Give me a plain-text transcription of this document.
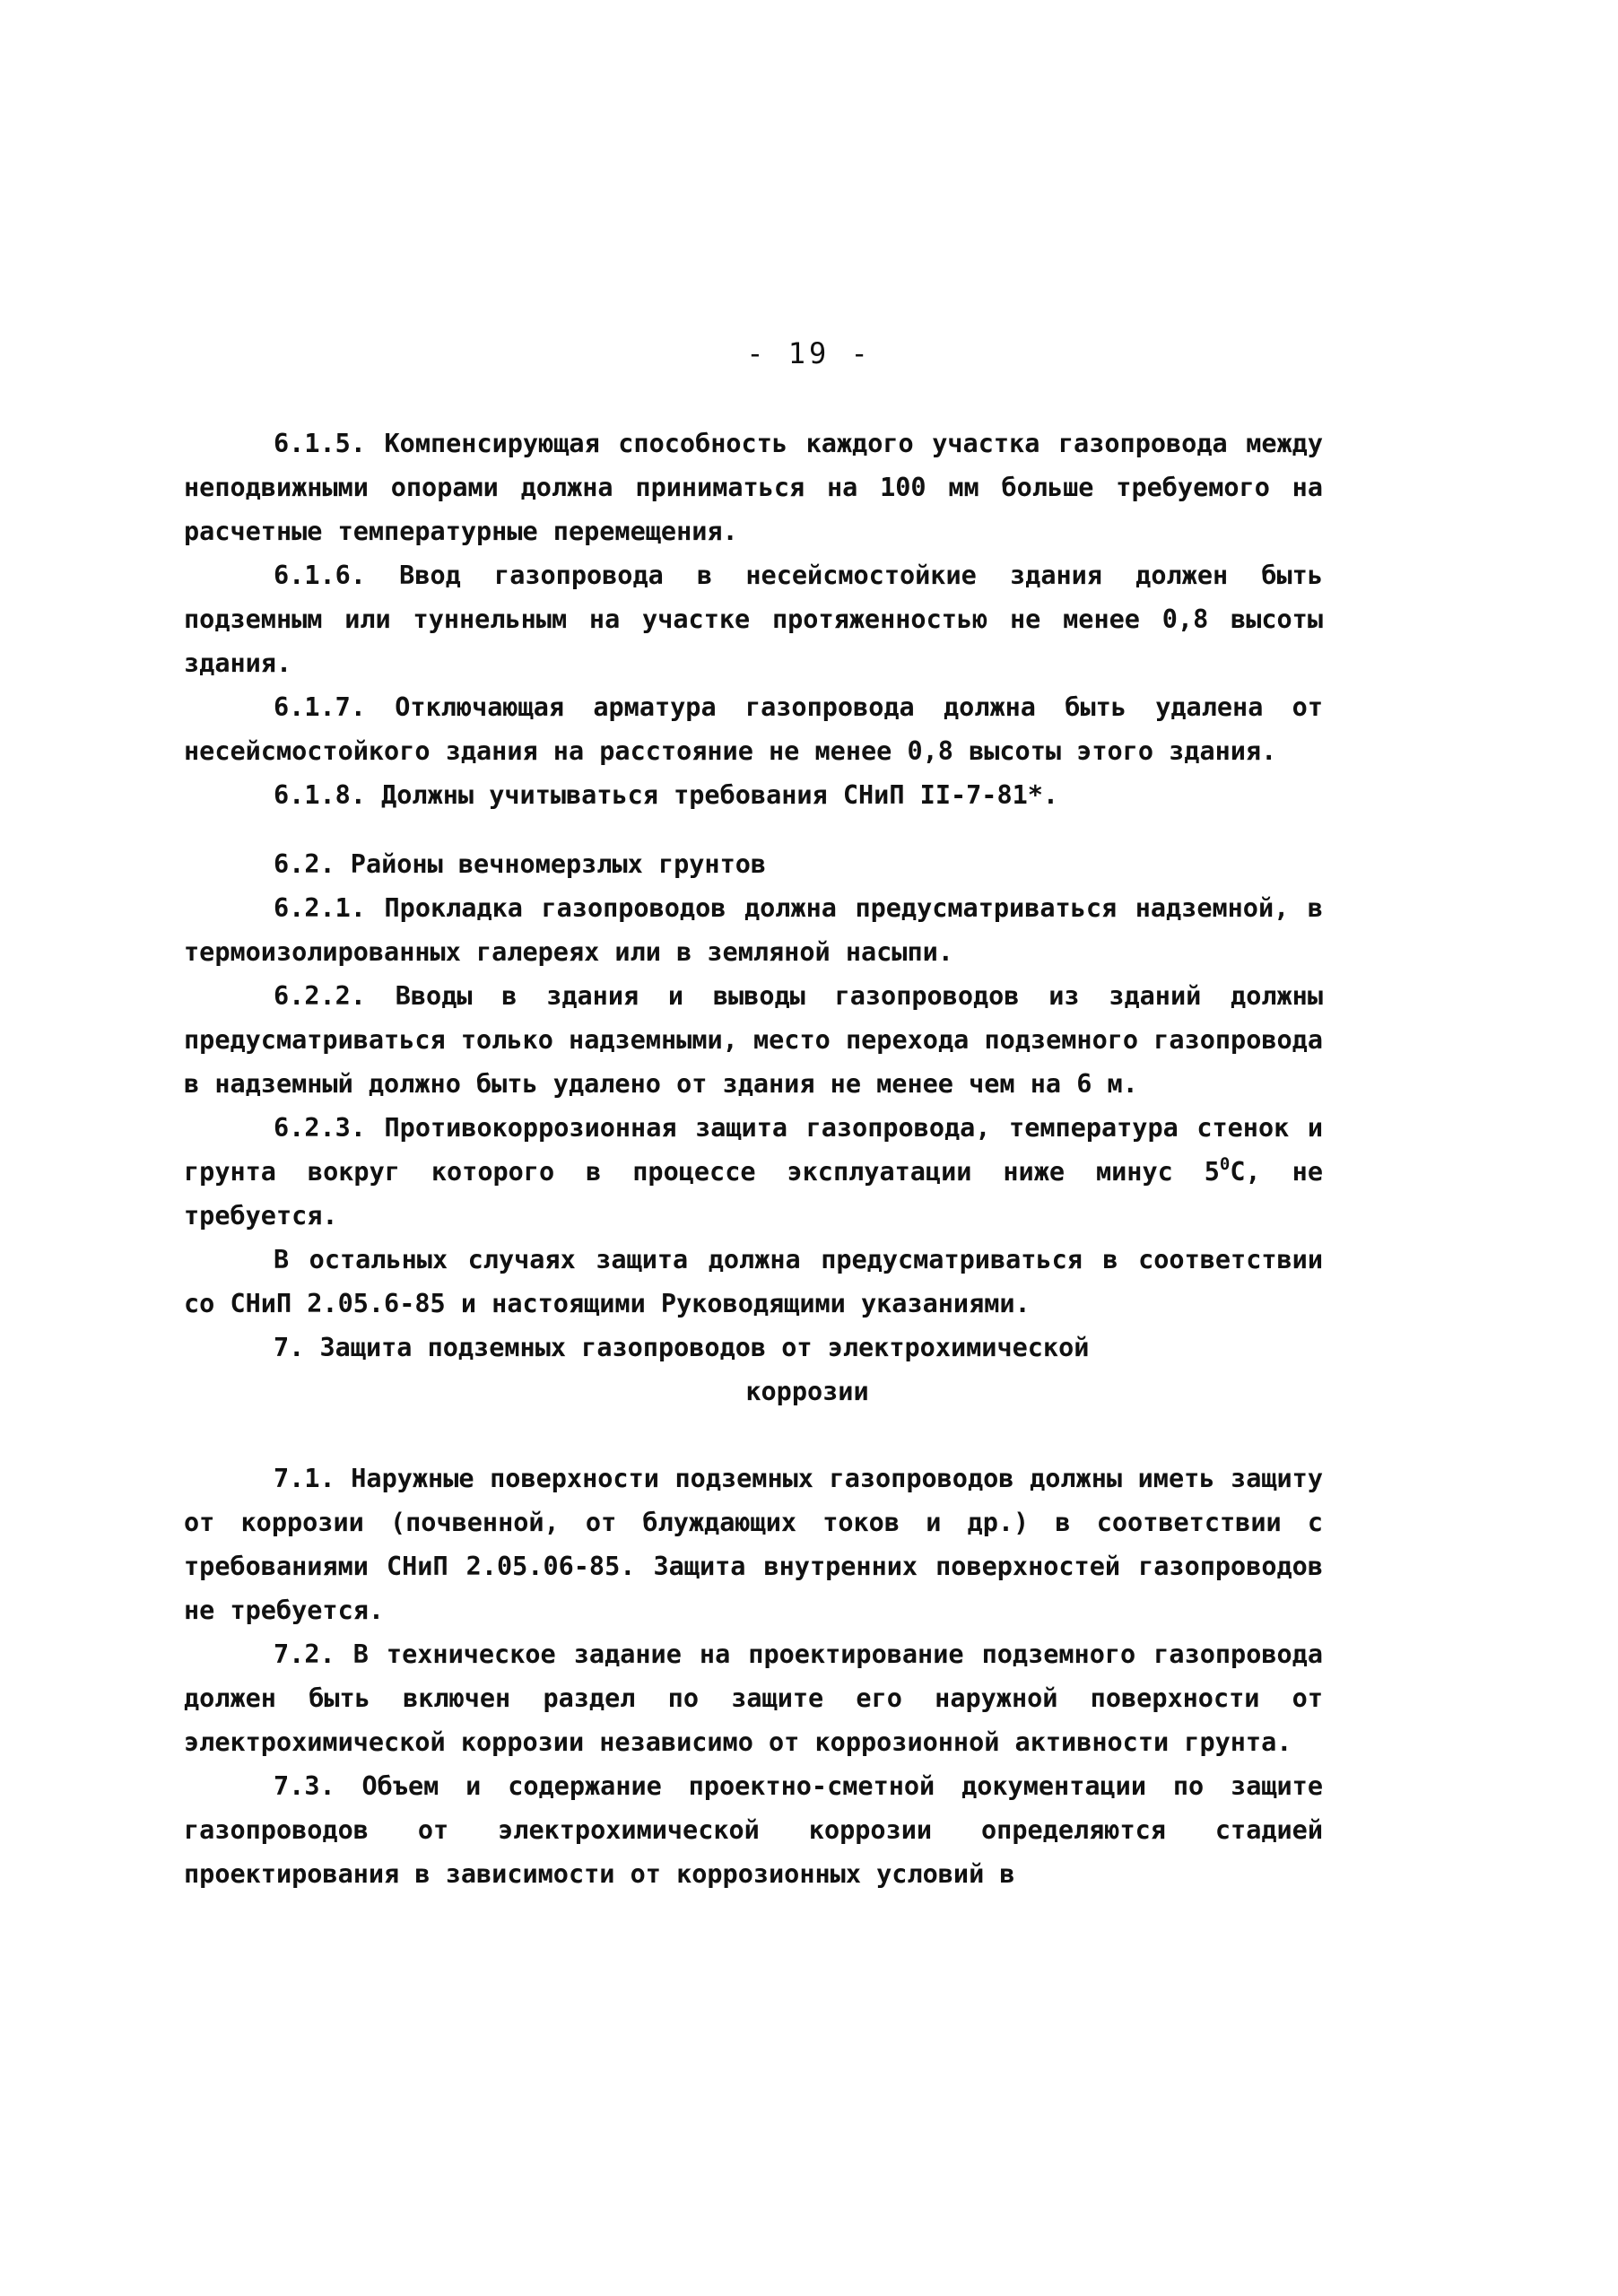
- 19 -

6.1.5. Компенсирующая способность каждого участка газопровода между неподвижными опорами должна приниматься на 100 мм больше требуемого на расчетные температурные перемещения.

6.1.6. Ввод газопровода в несейсмостойкие здания должен быть подземным или туннельным на участке протяженностью не менее 0,8 высоты здания.

6.1.7. Отключающая арматура газопровода должна быть удалена от несейсмостойкого здания на расстояние не менее 0,8 высоты этого здания.

6.1.8. Должны учитываться требования СНиП II-7-81*.

6.2. Районы вечномерзлых грунтов

6.2.1. Прокладка газопроводов должна предусматриваться надземной, в термоизолированных галереях или в земляной насыпи.

6.2.2. Вводы в здания и выводы газопроводов из зданий должны предусматриваться только надземными, место перехода подземного газопровода в надземный должно быть удалено от здания не менее чем на 6 м.

6.2.3. Противокоррозионная защита газопровода, температура стенок и грунта вокруг которого в процессе эксплуатации ниже минус $5^0С$, не требуется.

В остальных случаях защита должна предусматриваться в соответствии со СНиП 2.05.6-85 и настоящими Руководящими указаниями.

7. Защита подземных газопроводов от электрохимической

коррозии

7.1. Наружные поверхности подземных газопроводов должны иметь защиту от коррозии (почвенной, от блуждающих токов и др.) в соответствии с требованиями СНиП 2.05.06-85. Защита внутренних поверхностей газопроводов не требуется.

7.2. В техническое задание на проектирование подземного газопровода должен быть включен раздел по защите его наружной поверхности от электрохимической коррозии независимо от коррозионной активности грунта.

7.3. Объем и содержание проектно-сметной документации по защите газопроводов от электрохимической коррозии определяются стадией проектирования в зависимости от коррозионных условий в
